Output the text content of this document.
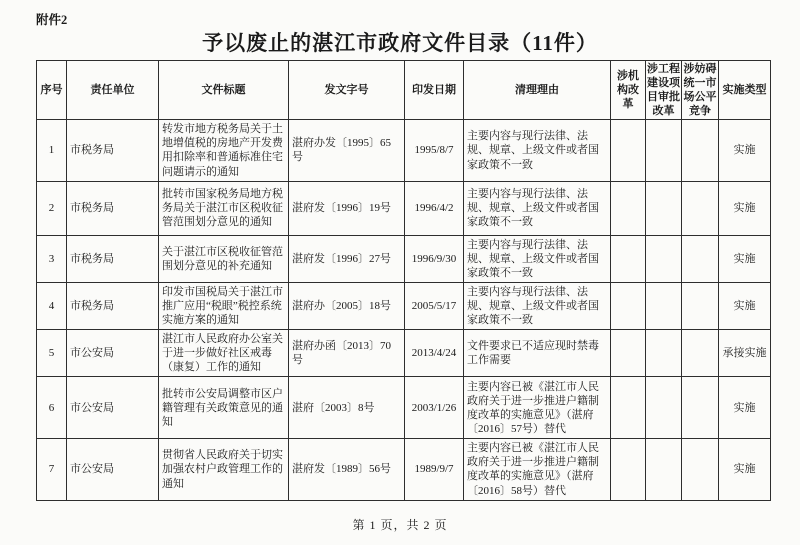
附件2
予以废止的湛江市政府文件目录（11件）
序号	责任单位	文件标题	发文字号	印发日期	清理理由	涉机构改革	涉工程建设项目审批改革	涉妨碍统一市场公平竞争	实施类型
1	市税务局	转发市地方税务局关于土地增值税的房地产开发费用扣除率和普通标准住宅问题请示的通知	湛府办发〔1995〕65号	1995/8/7	主要内容与现行法律、法规、规章、上级文件或者国家政策不一致				实施
2	市税务局	批转市国家税务局地方税务局关于湛江市区税收征管范围划分意见的通知	湛府发〔1996〕19号	1996/4/2	主要内容与现行法律、法规、规章、上级文件或者国家政策不一致				实施
3	市税务局	关于湛江市区税收征管范围划分意见的补充通知	湛府发〔1996〕27号	1996/9/30	主要内容与现行法律、法规、规章、上级文件或者国家政策不一致				实施
4	市税务局	印发市国税局关于湛江市推广应用“税眼”税控系统实施方案的通知	湛府办〔2005〕18号	2005/5/17	主要内容与现行法律、法规、规章、上级文件或者国家政策不一致				实施
5	市公安局	湛江市人民政府办公室关于进一步做好社区戒毒（康复）工作的通知	湛府办函〔2013〕70号	2013/4/24	文件要求已不适应现时禁毒工作需要				承接实施
6	市公安局	批转市公安局调整市区户籍管理有关政策意见的通知	湛府〔2003〕8号	2003/1/26	主要内容已被《湛江市人民政府关于进一步推进户籍制度改革的实施意见》（湛府〔2016〕57号）替代				实施
7	市公安局	贯彻省人民政府关于切实加强农村户政管理工作的通知	湛府发〔1989〕56号	1989/9/7	主要内容已被《湛江市人民政府关于进一步推进户籍制度改革的实施意见》（湛府〔2016〕58号）替代				实施
第 1 页，共 2 页
